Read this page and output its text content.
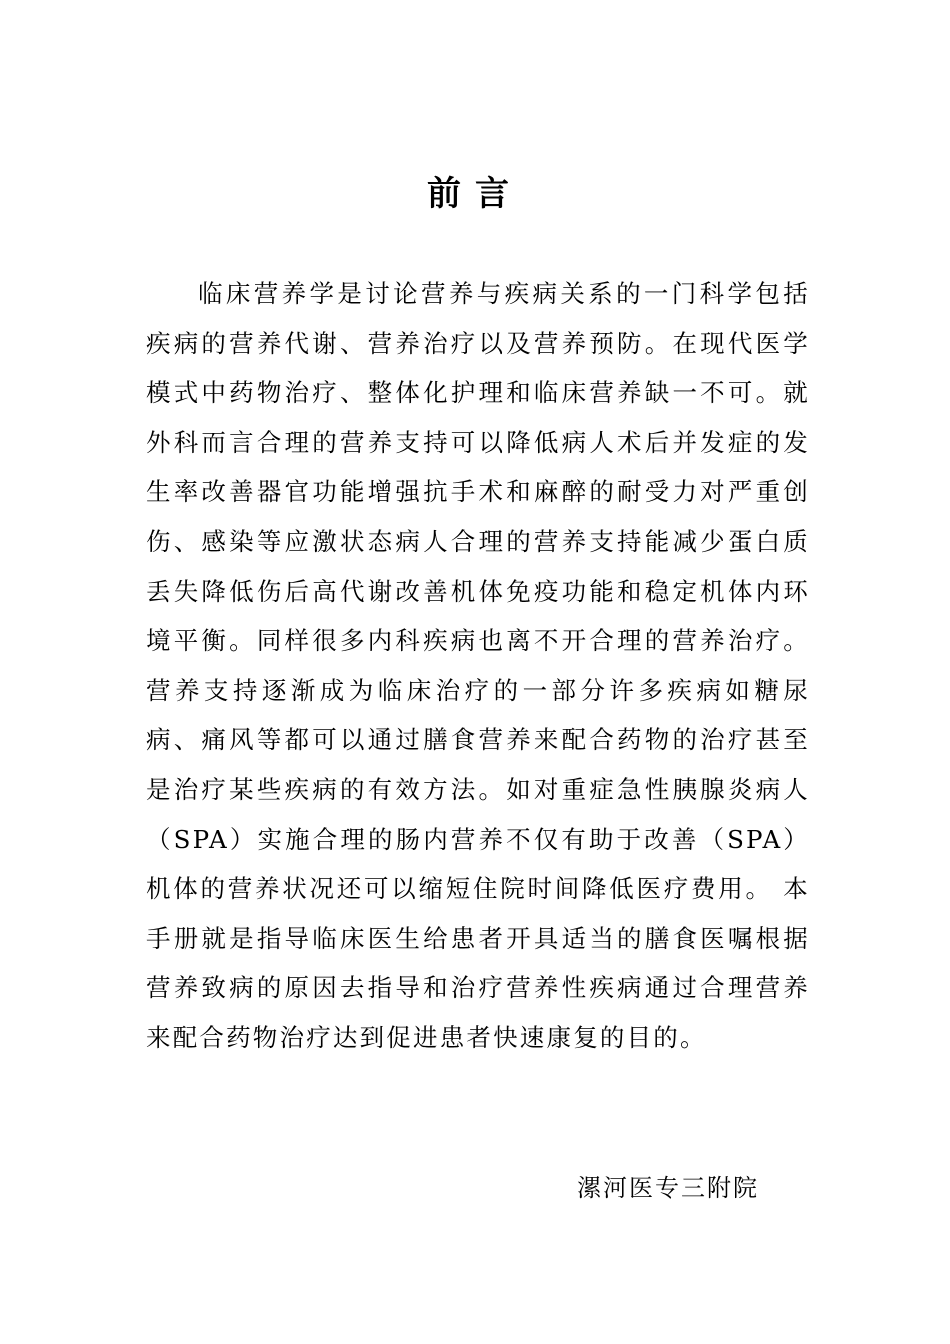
前言

临床营养学是讨论营养与疾病关系的一门科学包括疾病的营养代谢、营养治疗以及营养预防。在现代医学模式中药物治疗、整体化护理和临床营养缺一不可。就外科而言合理的营养支持可以降低病人术后并发症的发生率改善器官功能增强抗手术和麻醉的耐受力对严重创伤、感染等应激状态病人合理的营养支持能减少蛋白质丢失降低伤后高代谢改善机体免疫功能和稳定机体内环境平衡。同样很多内科疾病也离不开合理的营养治疗。营养支持逐渐成为临床治疗的一部分许多疾病如糖尿病、痛风等都可以通过膳食营养来配合药物的治疗甚至是治疗某些疾病的有效方法。如对重症急性胰腺炎病人（SPA）实施合理的肠内营养不仅有助于改善（SPA）机体的营养状况还可以缩短住院时间降低医疗费用。 本手册就是指导临床医生给患者开具适当的膳食医嘱根据营养致病的原因去指导和治疗营养性疾病通过合理营养来配合药物治疗达到促进患者快速康复的目的。

漯河医专三附院
